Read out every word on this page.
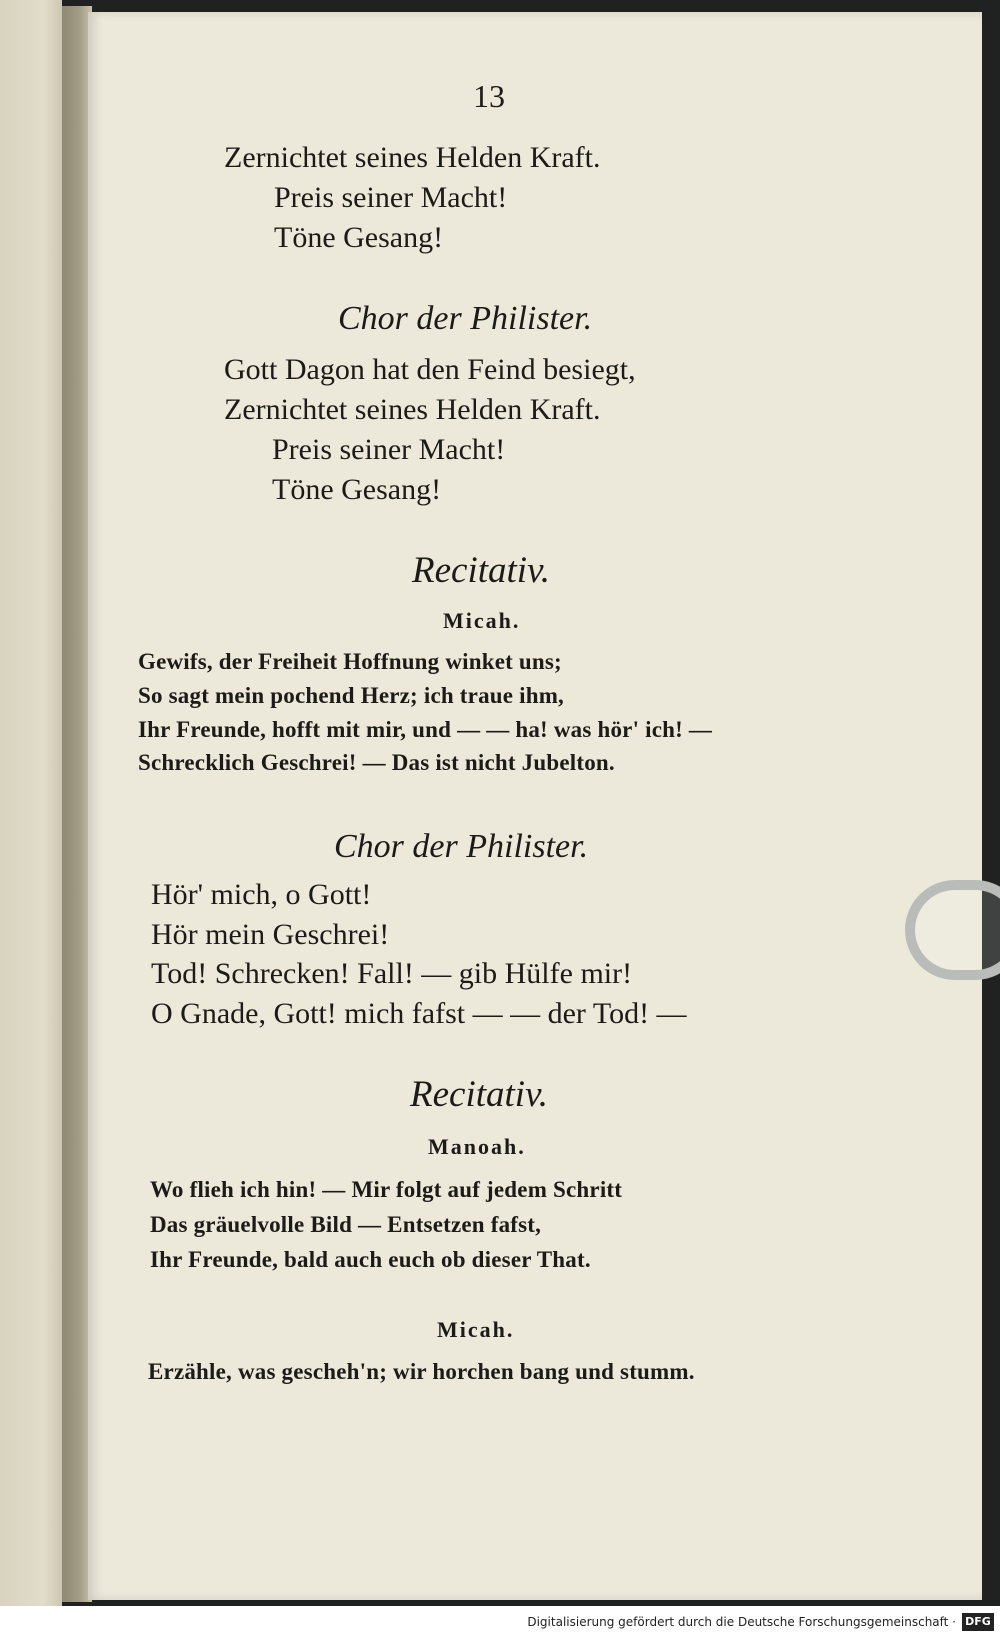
13
Zernichtet seines Helden Kraft.
Preis seiner Macht!
Töne Gesang!
Chor der Philister.
Gott Dagon hat den Feind besiegt,
Zernichtet seines Helden Kraft.
Preis seiner Macht!
Töne Gesang!
Recitativ.
Micah.
Gewifs, der Freiheit Hoffnung winket uns;
So sagt mein pochend Herz; ich traue ihm,
Ihr Freunde, hofft mit mir, und — — ha! was hör' ich! —
Schrecklich Geschrei! — Das ist nicht Jubelton.
Chor der Philister.
Hör' mich, o Gott!
Hör mein Geschrei!
Tod! Schrecken! Fall! — gib Hülfe mir!
O Gnade, Gott! mich fafst — — der Tod! —
Recitativ.
Manoah.
Wo flieh ich hin! — Mir folgt auf jedem Schritt
Das gräuelvolle Bild — Entsetzen fafst,
Ihr Freunde, bald auch euch ob dieser That.
Micah.
Erzähle, was gescheh'n; wir horchen bang und stumm.
Digitalisierung gefördert durch die Deutsche Forschungsgemeinschaft · DFG
